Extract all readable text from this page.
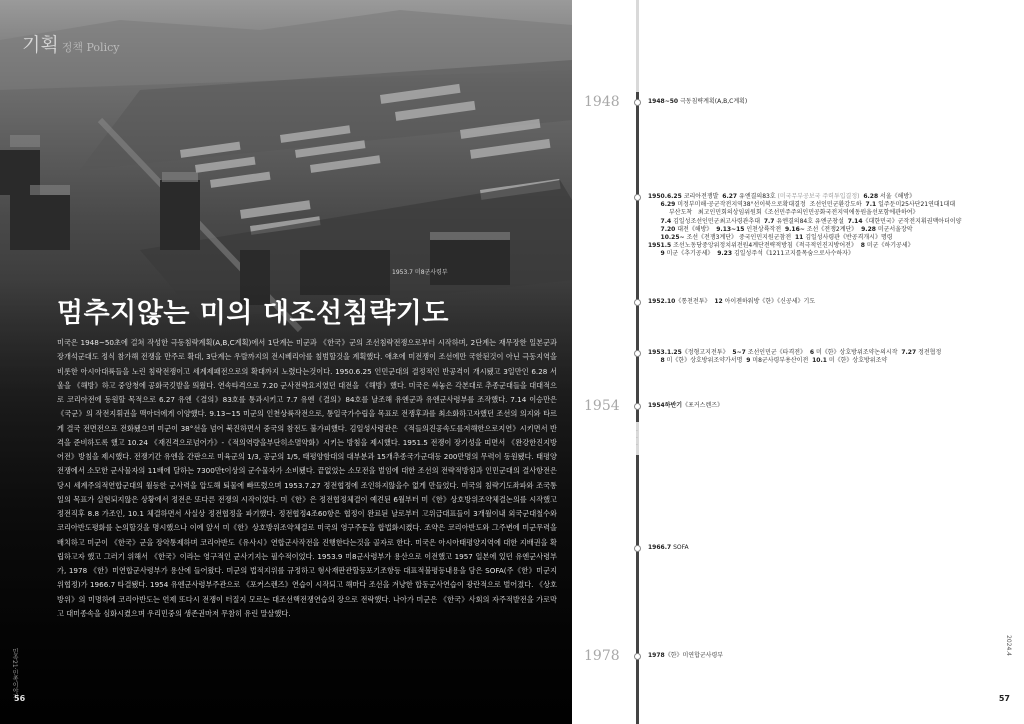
기획 정책 Policy
1953.7 미8군사령부
멈추지않는 미의 대조선침략기도

미국은 1948~50초에 걸쳐 작성한 극동침략계획(A,B,C계획)에서 1단계는 미군과 《한국》군의 조선침략전쟁으로부터 시작하며, 2단계는 재무장한 일본군과 장개석군대도 정식 참가해 전쟁을 만주로 확대, 3단계는 우랄까지의 전시베리아를 침범할것을 계획했다. 애초에 미전쟁이 조선에만 국한된것이 아닌 극동지역을 비롯한 아시아대륙들을 노린 침략전쟁이고 세계제패전으로의 확대까지 노렸다는것이다. 1950.6.25 인민군대의 결정적인 반공격이 개시됐고 3일만인 6.28 서울을 《해방》하고 중앙청에 공화국깃발을 띄웠다. 연속타격으로 7.20 군사전략요지였던 대전을 《해방》했다. 미국은 싸놓은 각본대로 추종군대들을 대대적으로 코리아전에 동원할 목적으로 6.27 유엔《결의》83호를 통과시키고 7.7 유엔《결의》84호를 날조해 유엔군과 유엔군사령부를 조작했다. 7.14 이승만은 《국군》의 작전지휘권을 맥아더에게 이양했다. 9.13~15 미군의 인천상륙작전으로, 통일국가수립을 목표로 전쟁후과를 최소화하고자했던 조선의 의지와 타르게 결국 전면전으로 전화됐으며 미군이 38°선을 넘어 북진하면서 중국의 참전도 불가피했다. 김일성사령관은 《적들의진공속도를저해한으로지연》시키면서 반격을 준비하도록 했고 10.24 《재진격으로넘어가》-《적의역량을부단히소멸약화》시키는 방침을 제시했다. 1951.5 전쟁이 장기성을 띠면서 《완강한진지방어전》방침을 제시했다. 전쟁기간 유엔을 간판으로 미육군의 1/3, 공군의 1/5, 태평양함대의 대부분과 15개추종국가군대등 200만명의 무력이 동원됐다. 태평양전쟁에서 소모한 군사물자의 11배에 달하는 7300만t이상의 군수물자가 소비됐다. 끝없었는 소모전을 벌임에 대한 조선의 전략적방침과 인민군대의 결사항전은 당시 세계주의적연합군대의 월등한 군사력을 압도해 퇴물에 빠뜨렸으며 1953.7.27 정전협정에 조인하지않을수 없게 만들었다. 미국의 침략기도좌파와 조국통일의 목표가 실현되지않은 상황에서 정전은 또다른 전쟁의 시작이었다. 미《한》은 정전협정체결이 예견된 6월부터 미《한》상호방위조약체결논의를 시작했고 정전직후 8.8 가조인, 10.1 체결하면서 사실상 정전협정을 파기했다. 정전협정4조60항은 협정이 완료된 날로부터 고위급대표들이 3개월이내 외국군대철수와 코리아반도평화를 논의할것을 명시했으나 이에 앞서 미《한》상호방위조약체결로 미국의 영구주둔을 합법화시켰다. 조약은 코리아반도와 그주변에 미군무력을 배치하고 미군이 《한국》군을 장악통제하며 코리아반도《유사시》연합군사작전을 진행한다는것을 골자로 한다. 미국은 아시아태평양지역에 대한 지배권을 확립하고자 했고 그러기 위해서 《한국》이라는 영구적인 군사기지는 필수적이었다. 1953.9 미8군사령부가 용산으로 이전했고 1957 일본에 있던 유엔군사령부가, 1978 《한》미연합군사령부가 용산에 들어왔다. 미군의 법적지위를 규정하고 형사재판관할등포기조항등 대표적불평등내용을 담은 SOFA(주《한》미군지위협정)가 1966.7 타결됐다. 1954 유엔군사령부주관으로 《포커스렌즈》연습이 시작되고 해마다 조선을 겨냥한 합동군사연습이 광란적으로 벌어졌다. 《상호방위》의 미명하에 코리아반도는 언제 또다시 전쟁이 터질지 모르는 대조선핵전쟁연습의 장으로 전락했다. 나아가 미군은 《한국》사회의 자주적발전을 가로막고 대미종속을 심화시켰으며 우리민중의 생존권마저 무참히 유린 말살했다.

민족21·민족이야기
56
·
·
·
1948	1948~50 극동침략계획(A,B,C계획)
1950.6.25 코리아전쟁발  6.27 유엔결의83호 (미국무부공보국 주력투입결정) 6.28 서울《해방》
6.29 미정부미해·공군작전지역38°선이북으로확대결정  조선인민군환강도하  7.1 일주둔미25사단21연대1대대
부산도착   최고인민회의상임위원회《조선민주주의인민공화국전지역에동원을선포함에관하여》
7.4 김일성조선인민군최고사령관추대  7.7 유엔결의84호 유엔군창설  7.14《대한민국》군작전지휘권맥아더이양
7.20 대전《해방》  9.13~15 인천상륙작전  9.16~ 조선《전쟁2계단》  9.28 미군서울장악
10.25~ 조선《전쟁3계단》 중국인민지원군참전  11 김일성사령관《반공격개시》명령
1951.5 조선노동당중앙위정치위전원4계단전략적방침《적극적인진지방어전》  8 미군《하기공세》
9 미군《추기공세》  9.23 김일성주석《1211고지를목숨으로사수하자》
1952.10《통천전투》  12 아이젠하워방《한》《신공세》기도
1953.1.25《정형고지전투》  5~7 조선인민군《타격전》  6 미《한》상호방위조약논의시작  7.27 정전협정
8 미《한》상호방위조약가서명  9 미8군사령부용산이전  10.1 미《한》상호방위조약
1954	1954하반기《포커스렌즈》
1966.7 SOFA
1978	1978《한》미연합군사령부	2024.4
57
